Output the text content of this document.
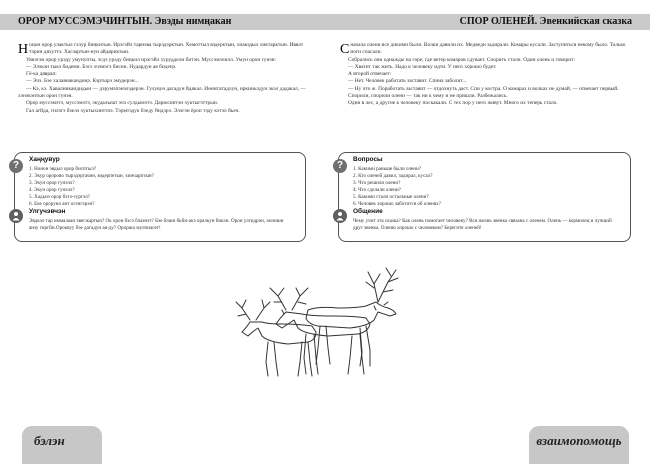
ОРОР МУССЭМЭЧИНТЫН. Эвэды нимңакан
Н оңон орор улактыл гэлур биңкитын. Ирэгэйл тарнэва тырэдэрктын. Хемоттыл вэдерктын, хиакэдыл хиктарктын. Иввэт тэрин дяхуттэ. Хаглартын-нун айдяриктын.

Уянэгэн орор урэду умунупты, эгдэ урэду биңкил ирэгэйл хуруддели битэн. Муссэмэчилл. Умун орон гунэн:

— Элэкэн тыкэ бидеми. Бэсэ эчэмэгэ бисни. Нудардун ая бидеңэ.

Гё-ка дяврап:

— Эчэ. Бэе халавнакандиңэ. Кэртырэ эмудерэн...

— Кэ, кэ. Хавалникандидын — дэрумэпэнэлэдерэн. Гулувун дагадун йдякал. Иөнитатадлун, нркиньлдун экэл дадакал, — хэнэкэнтын орон гунэн.

Орор муссэмэтэ, муссэмэтэ, экудальнат эчэ сулдымэтэ. Дарюсинтэн хуктыгэттрын.

Гал агйда, гилэгэ бэелэ хуктыхинтэчэ. Тэрмтэдук бэеду йндэрэ. Элэгэн ёроп тэду кэтэл бъеч.

?
Хаңңувур
1. Нонон эвдыл орор бисптыл?
2. Экур оророво тырэдэргачин, вэдерпетын, хинчарптын?
3. Экун орор гунэлл?
4. Экун орор гунэлл?
5. Хадьнэ орор бэтэ-сургэл?
6. Еке ороруно ант огэнгэрэн?
Улгучэвчэн
Эвдкэл тар иммалаан эвегжартын? Ок орон бэсэ блазнэт? Бэе йэшн бкйн-акэ оралкун бикэн. Орон улгидрон, эмэншн анзу гиргйн.Ороквуу бэе дагадун ая-ду? Ороршо мулпнасет!
бэлэн
СПОР ОЛЕНЕЙ. Эвенкийская сказка
С начала олени все дикими были. Волки давили их. Медведи задирали. Комары кусали. Заступиться некому было. Только ноги спасали.

Собрались они однажды на горе, где ветер комаров сдувает. Спорить стали. Один олень и говорит:

— Хватит так жить. Надо к человеку идти. У него хорошо будет.

А второй отвечает:

— Нет. Человек работать заставит. Спина заболит...

— Ну что ж. Поработать заставит — отдохнуть даст. Спи у костра. О комарах и волках не думай, — отвечает первый.

Спорили, спорили олени — так ни к чему и не пришли. Разбежались.

Одни в лес, а другие к человеку поскакали. С тех пор у него живут. Много их теперь стало.

?
Вопросы
1. Какими раньше были олени?
2. Кто оленей давил, задирал, кусал?
3. Что решили олени?
4. Что сделали олени?
5. Какими стали остальные олени?
6. Человек хорошо заботится об оленях?
Общение
Чему учит эта сказка? Как олень помогает человеку? Вся жизнь эвенка связана с оленем. Олень — кормилец и лучший друг эвенка. Оленю хорошо с человеком? Берегите оленей!
взаимопомощь
